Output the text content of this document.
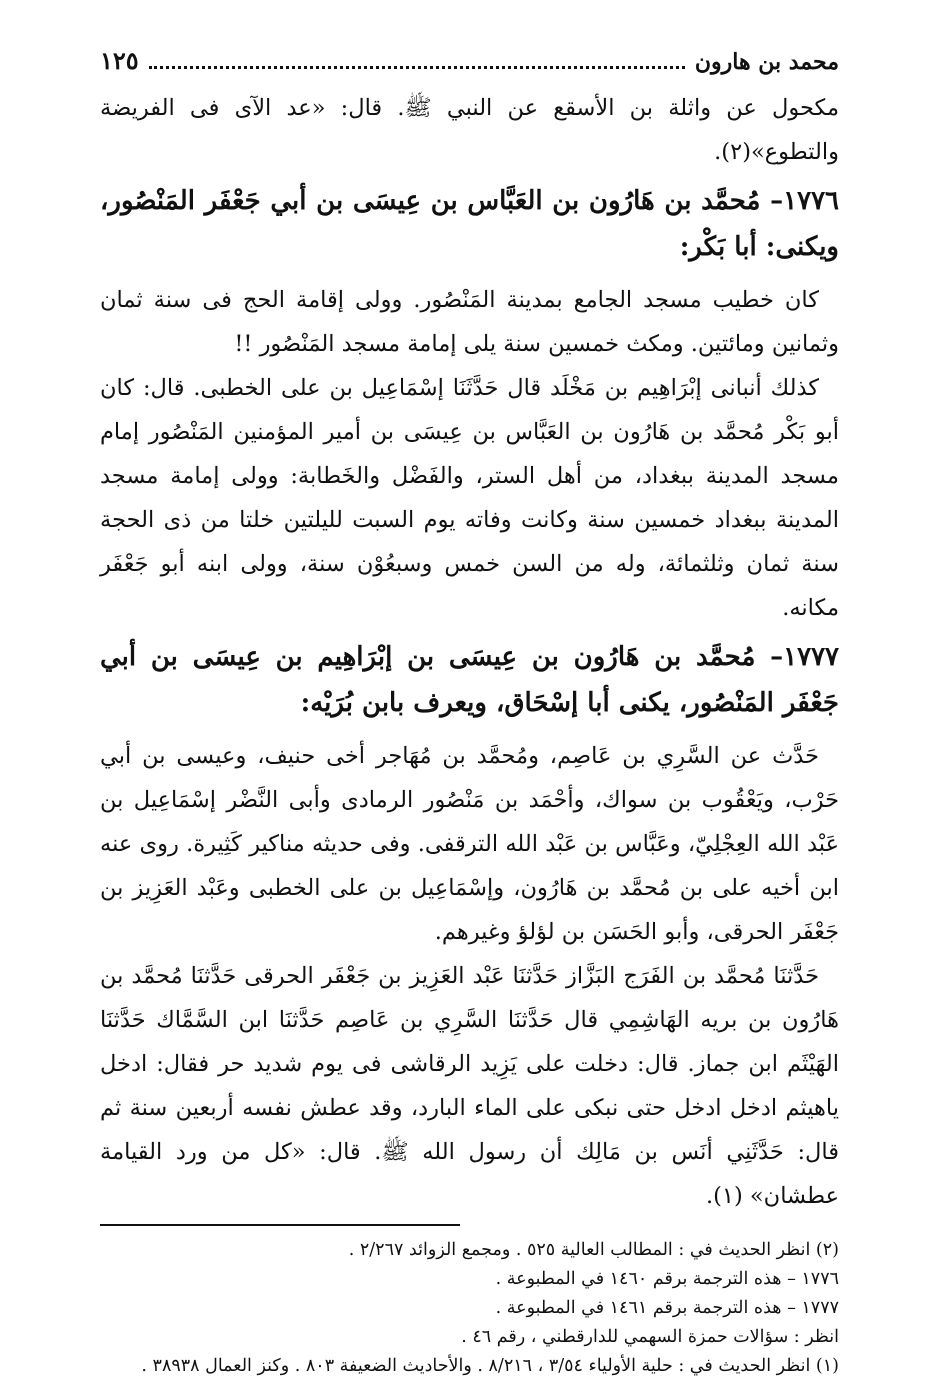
محمد بن هارون
١٢٥

مكحول عن واثلة بن الأسقع عن النبي ﷺ. قال: «عد الآى فى الفريضة والتطوع»(٢).

١٧٧٦– مُحمَّد بن هَارُون بن العَبَّاس بن عِيسَى بن أبي جَعْفَر المَنْصُور، ويكنى: أبا بَكْر:

كان خطيب مسجد الجامع بمدينة المَنْصُور. وولى إقامة الحج فى سنة ثمان وثمانين ومائتين. ومكث خمسين سنة يلى إمامة مسجد المَنْصُور !!

كذلك أنبانى إبْرَاهِيم بن مَخْلَد قال حَدَّثَنَا إسْمَاعِيل بن على الخطبى. قال: كان أبو بَكْر مُحمَّد بن هَارُون بن العَبَّاس بن عِيسَى بن أمير المؤمنين المَنْصُور إمام مسجد المدينة ببغداد، من أهل الستر، والفَضْل والخَطابة: وولى إمامة مسجد المدينة ببغداد خمسين سنة وكانت وفاته يوم السبت لليلتين خلتا من ذى الحجة سنة ثمان وثلثمائة، وله من السن خمس وسبعُوْن سنة، وولى ابنه أبو جَعْفَر مكانه.

١٧٧٧– مُحمَّد بن هَارُون بن عِيسَى بن إبْرَاهِيم بن عِيسَى بن أبي جَعْفَر المَنْصُور، يكنى أبا إسْحَاق، ويعرف بابن بُرَيْه:

حَدَّث عن السَّرِي بن عَاصِم، ومُحمَّد بن مُهَاجر أخى حنيف، وعيسى بن أبي حَرْب، ويَعْقُوب بن سواك، وأحْمَد بن مَنْصُور الرمادى وأبى النَّضْر إسْمَاعِيل بن عَبْد الله العِجْلِيّ، وعَبَّاس بن عَبْد الله الترقفى. وفى حديثه مناكير كَثِيرة. روى عنه ابن أخيه على بن مُحمَّد بن هَارُون، وإسْمَاعِيل بن على الخطبى وعَبْد العَزِيز بن جَعْفَر الحرقى، وأبو الحَسَن بن لؤلؤ وغيرهم.

حَدَّثنَا مُحمَّد بن الفَرَج البَزَّاز حَدَّثنَا عَبْد العَزِيز بن جَعْفَر الحرقى حَدَّثنَا مُحمَّد بن هَارُون بن بريه الهَاشِمِي قال حَدَّثنَا السَّرِي بن عَاصِم حَدَّثنَا ابن السَّمَّاك حَدَّثنَا الهَيْثَم ابن جماز. قال: دخلت على يَزِيد الرقاشى فى يوم شديد حر فقال: ادخل ياهيثم ادخل ادخل حتى نبكى على الماء البارد، وقد عطش نفسه أربعين سنة ثم قال: حَدَّثَنِي أنَس بن مَالِك أن رسول الله ﷺ. قال: «كل من ورد القيامة عطشان» (١).

(٢) انظر الحديث في : المطالب العالية ٥٢٥ . ومجمع الزوائد ٢/٢٦٧ .

١٧٧٦ – هذه الترجمة برقم ١٤٦٠ في المطبوعة .

١٧٧٧ – هذه الترجمة برقم ١٤٦١ في المطبوعة .

انظر : سؤالات حمزة السهمي للدارقطني ، رقم ٤٦ .

(١) انظر الحديث في : حلية الأولياء ٣/٥٤ ، ٨/٢١٦ . والأحاديث الضعيفة ٨٠٣ . وكنز العمال ٣٨٩٣٨ .
